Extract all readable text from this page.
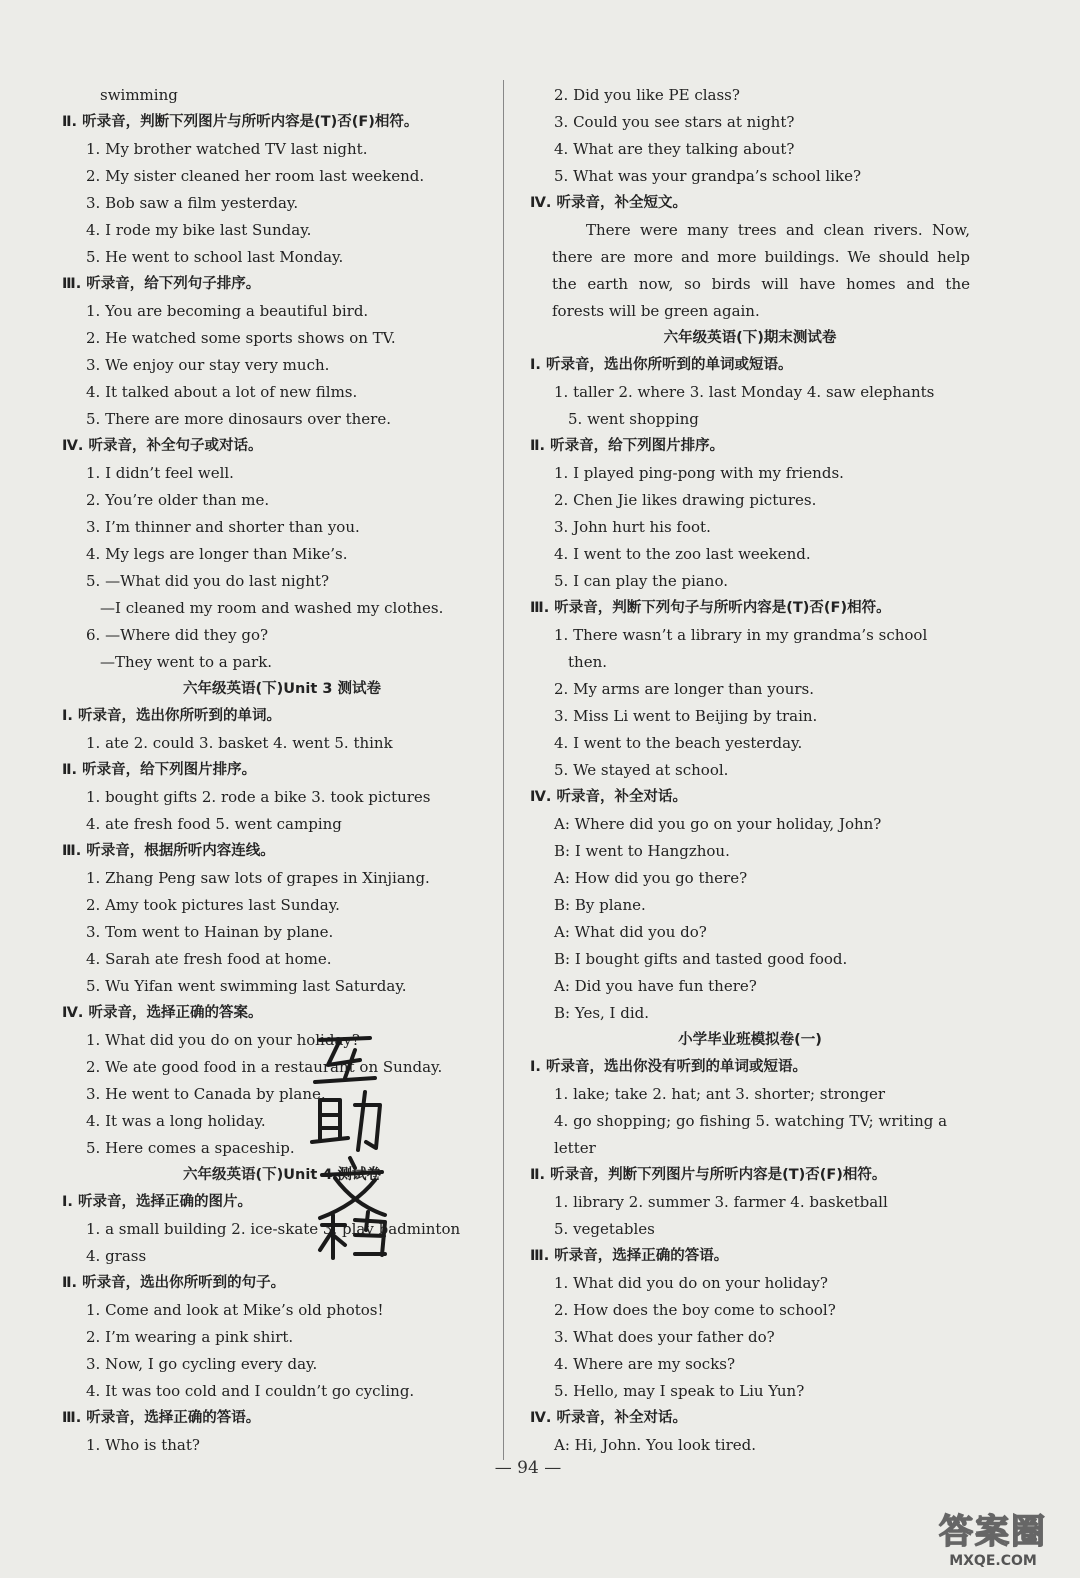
swimming
Ⅱ. 听录音，判断下列图片与所听内容是(T)否(F)相符。
1. My brother watched TV last night.
2. My sister cleaned her room last weekend.
3. Bob saw a film yesterday.
4. I rode my bike last Sunday.
5. He went to school last Monday.
Ⅲ. 听录音，给下列句子排序。
1. You are becoming a beautiful bird.
2. He watched some sports shows on TV.
3. We enjoy our stay very much.
4. It talked about a lot of new films.
5. There are more dinosaurs over there.
Ⅳ. 听录音，补全句子或对话。
1. I didn’t feel well.
2. You’re older than me.
3. I’m thinner and shorter than you.
4. My legs are longer than Mike’s.
5. —What did you do last night?
—I cleaned my room and washed my clothes.
6. —Where did they go?
—They went to a park.
六年级英语(下)Unit 3 测试卷
Ⅰ. 听录音，选出你所听到的单词。
1. ate 2. could 3. basket 4. went 5. think
Ⅱ. 听录音，给下列图片排序。
1. bought gifts 2. rode a bike 3. took pictures
4. ate fresh food 5. went camping
Ⅲ. 听录音，根据所听内容连线。
1. Zhang Peng saw lots of grapes in Xinjiang.
2. Amy took pictures last Sunday.
3. Tom went to Hainan by plane.
4. Sarah ate fresh food at home.
5. Wu Yifan went swimming last Saturday.
Ⅳ. 听录音，选择正确的答案。
1. What did you do on your holiday?
2. We ate good food in a restaurant on Sunday.
3. He went to Canada by plane.
4. It was a long holiday.
5. Here comes a spaceship.
六年级英语(下)Unit 4 测试卷
Ⅰ. 听录音，选择正确的图片。
1. a small building 2. ice-skate 3. play badminton
4. grass
Ⅱ. 听录音，选出你所听到的句子。
1. Come and look at Mike’s old photos!
2. I’m wearing a pink shirt.
3. Now, I go cycling every day.
4. It was too cold and I couldn’t go cycling.
Ⅲ. 听录音，选择正确的答语。
1. Who is that?
2. Did you like PE class?
3. Could you see stars at night?
4. What are they talking about?
5. What was your grandpa’s school like?
Ⅳ. 听录音，补全短文。
There were many trees and clean rivers. Now, there are more and more buildings. We should help the earth now, so birds will have homes and the forests will be green again.
六年级英语(下)期末测试卷
Ⅰ. 听录音，选出你所听到的单词或短语。
1. taller 2. where 3. last Monday 4. saw elephants
5. went shopping
Ⅱ. 听录音，给下列图片排序。
1. I played ping-pong with my friends.
2. Chen Jie likes drawing pictures.
3. John hurt his foot.
4. I went to the zoo last weekend.
5. I can play the piano.
Ⅲ. 听录音，判断下列句子与所听内容是(T)否(F)相符。
1. There wasn’t a library in my grandma’s school
then.
2. My arms are longer than yours.
3. Miss Li went to Beijing by train.
4. I went to the beach yesterday.
5. We stayed at school.
Ⅳ. 听录音，补全对话。
A: Where did you go on your holiday, John?
B: I went to Hangzhou.
A: How did you go there?
B: By plane.
A: What did you do?
B: I bought gifts and tasted good food.
A: Did you have fun there?
B: Yes, I did.
小学毕业班模拟卷(一)
Ⅰ. 听录音，选出你没有听到的单词或短语。
1. lake; take 2. hat; ant 3. shorter; stronger
4. go shopping; go fishing 5. watching TV; writing a
letter
Ⅱ. 听录音，判断下列图片与所听内容是(T)否(F)相符。
1. library 2. summer 3. farmer 4. basketball
5. vegetables
Ⅲ. 听录音，选择正确的答语。
1. What did you do on your holiday?
2. How does the boy come to school?
3. What does your father do?
4. Where are my socks?
5. Hello, may I speak to Liu Yun?
Ⅳ. 听录音，补全对话。
A: Hi, John. You look tired.
— 94 —
答案圈
MXQE.COM
